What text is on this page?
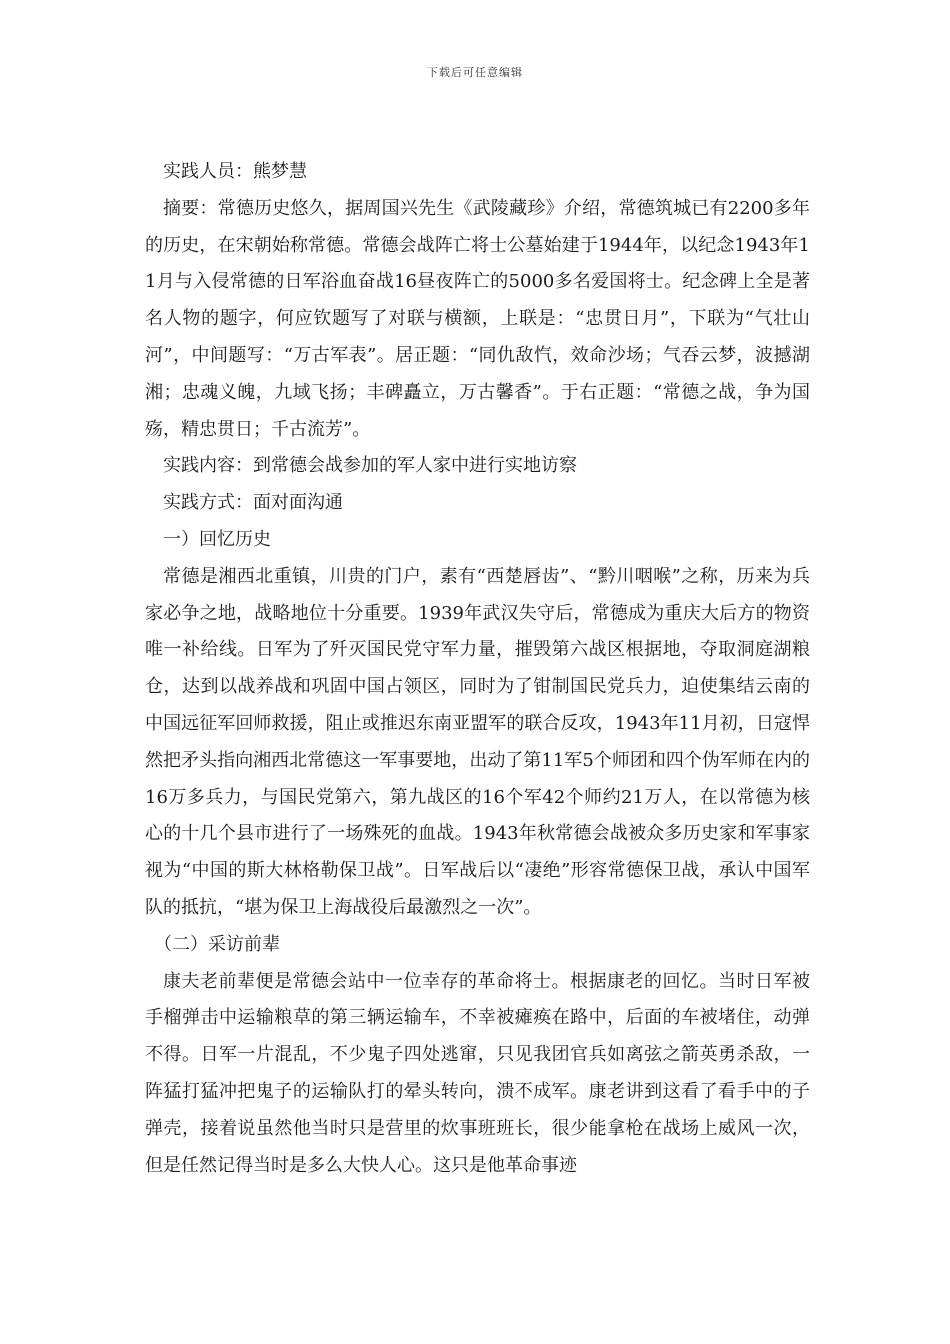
下载后可任意编辑

实践人员：熊梦慧

摘要：常德历史悠久，据周国兴先生《武陵藏珍》介绍，常德筑城已有2200多年的历史，在宋朝始称常德。常德会战阵亡将士公墓始建于1944年，以纪念1943年11月与入侵常德的日军浴血奋战16昼夜阵亡的5000多名爱国将士。纪念碑上全是著名人物的题字，何应钦题写了对联与横额，上联是：“忠贯日月”，下联为“气壮山河”，中间题写：“万古军表”。居正题：“同仇敌忾，效命沙场；气吞云梦，波撼湖湘；忠魂义魄，九域飞扬；丰碑矗立，万古馨香”。于右正题：“常德之战，争为国殇，精忠贯日；千古流芳”。

实践内容：到常德会战参加的军人家中进行实地访察

实践方式：面对面沟通

一）回忆历史

常德是湘西北重镇，川贵的门户，素有“西楚唇齿”、“黔川咽喉”之称，历来为兵家必争之地，战略地位十分重要。1939年武汉失守后，常德成为重庆大后方的物资唯一补给线。日军为了歼灭国民党守军力量，摧毁第六战区根据地，夺取洞庭湖粮仓，达到以战养战和巩固中国占领区，同时为了钳制国民党兵力，迫使集结云南的中国远征军回师救援，阻止或推迟东南亚盟军的联合反攻，1943年11月初，日寇悍然把矛头指向湘西北常德这一军事要地，出动了第11军5个师团和四个伪军师在内的16万多兵力，与国民党第六，第九战区的16个军42个师约21万人，在以常德为核心的十几个县市进行了一场殊死的血战。1943年秋常德会战被众多历史家和军事家视为“中国的斯大林格勒保卫战”。日军战后以“凄绝”形容常德保卫战，承认中国军队的抵抗，“堪为保卫上海战役后最激烈之一次”。

（二）采访前辈

康夫老前辈便是常德会站中一位幸存的革命将士。根据康老的回忆。当时日军被手榴弹击中运输粮草的第三辆运输车，不幸被瘫痪在路中，后面的车被堵住，动弹不得。日军一片混乱，不少鬼子四处逃窜，只见我团官兵如离弦之箭英勇杀敌，一阵猛打猛冲把鬼子的运输队打的晕头转向，溃不成军。康老讲到这看了看手中的子弹壳，接着说虽然他当时只是营里的炊事班班长，很少能拿枪在战场上威风一次，但是任然记得当时是多么大快人心。这只是他革命事迹
